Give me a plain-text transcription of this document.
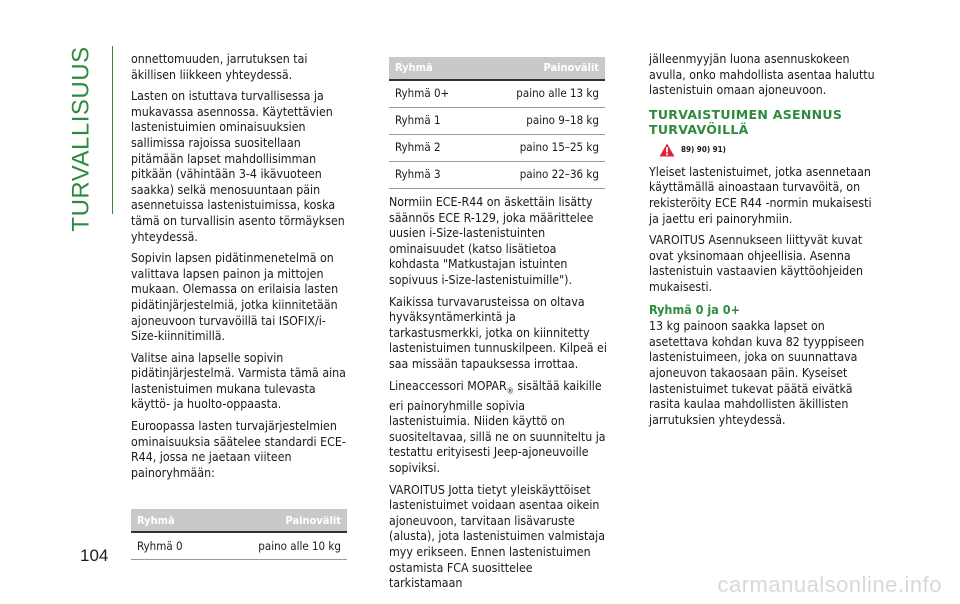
TURVALLISUUS
104

onnettomuuden, jarrutuksen tai äkillisen liikkeen yhteydessä.

Lasten on istuttava turvallisessa ja mukavassa asennossa. Käytettävien lastenistuimien ominaisuuksien sallimissa rajoissa suositellaan pitämään lapset mahdollisimman pitkään (vähintään 3-4 ikävuoteen saakka) selkä menosuuntaan päin asennetuissa lastenistuimissa, koska tämä on turvallisin asento törmäyksen yhteydessä.

Sopivin lapsen pidätinmenetelmä on valittava lapsen painon ja mittojen mukaan. Olemassa on erilaisia lasten pidätinjärjestelmiä, jotka kiinnitetään ajoneuvoon turvavöillä tai ISOFIX/i-Size-kiinnitimillä.

Valitse aina lapselle sopivin pidätinjärjestelmä. Varmista tämä aina lastenistuimen mukana tulevasta käyttö- ja huolto-oppaasta.

Euroopassa lasten turvajärjestelmien ominaisuuksia säätelee standardi ECE-R44, jossa ne jaetaan viiteen painoryhmään:

Ryhmä	Painovälit
Ryhmä 0	paino alle 10 kg
Ryhmä	Painovälit
Ryhmä 0+	paino alle 13 kg
Ryhmä 1	paino 9–18 kg
Ryhmä 2	paino 15–25 kg
Ryhmä 3	paino 22–36 kg

Normiin ECE-R44 on äskettäin lisätty säännös ECE R-129, joka määrittelee uusien i-Size-lastenistuinten ominaisuudet (katso lisätietoa kohdasta "Matkustajan istuinten sopivuus i-Size-lastenistuimille").

Kaikissa turvavarusteissa on oltava hyväksyntämerkintä ja tarkastusmerkki, jotka on kiinnitetty lastenistuimen tunnuskilpeen. Kilpeä ei saa missään tapauksessa irrottaa.

Lineaccessori $MOPAR_®$ sisältää kaikille eri painoryhmille sopivia lastenistuimia. Niiden käyttö on suositeltavaa, sillä ne on suunniteltu ja testattu erityisesti Jeep-ajoneuvoille sopiviksi.

VAROITUS Jotta tietyt yleiskäyttöiset lastenistuimet voidaan asentaa oikein ajoneuvoon, tarvitaan lisävaruste (alusta), jota lastenistuimen valmistaja myy erikseen. Ennen lastenistuimen ostamista FCA suosittelee tarkistamaan

jälleenmyyjän luona asennuskokeen avulla, onko mahdollista asentaa haluttu lastenistuin omaan ajoneuvoon.

TURVAISTUIMEN ASENNUS TURVAVÖILLÄ
89) 90) 91)

Yleiset lastenistuimet, jotka asennetaan käyttämällä ainoastaan turvavöitä, on rekisteröity ECE R44 -normin mukaisesti ja jaettu eri painoryhmiin.

VAROITUS Asennukseen liittyvät kuvat ovat yksinomaan ohjeellisia. Asenna lastenistuin vastaavien käyttöohjeiden mukaisesti.

Ryhmä 0 ja 0+

13 kg painoon saakka lapset on asetettava kohdan kuva 82 tyyppiseen lastenistuimeen, joka on suunnattava ajoneuvon takaosaan päin. Kyseiset lastenistuimet tukevat päätä eivätkä rasita kaulaa mahdollisten äkillisten jarrutuksien yhteydessä.

carmanualsonline.info
